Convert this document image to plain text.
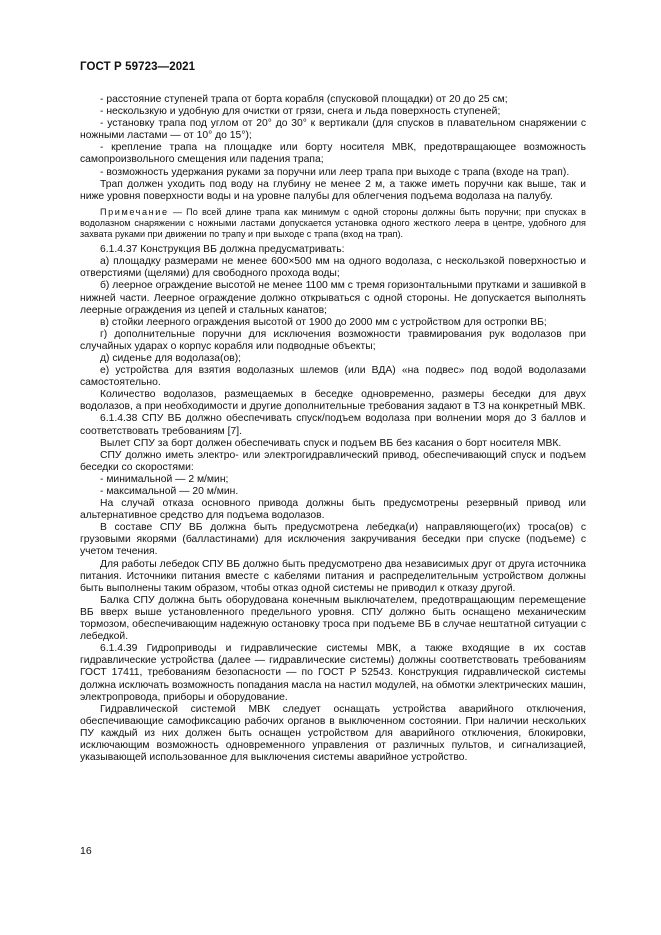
ГОСТ Р 59723—2021

- расстояние ступеней трапа от борта корабля (спусковой площадки) от 20 до 25 см;

- нескользкую и удобную для очистки от грязи, снега и льда поверхность ступеней;

- установку трапа под углом от 20° до 30° к вертикали (для спусков в плавательном снаряжении с ножными ластами — от 10° до 15°);

- крепление трапа на площадке или борту носителя МВК, предотвращающее возможность самопроизвольного смещения или падения трапа;

- возможность удержания руками за поручни или леер трапа при выходе с трапа (входе на трап).

Трап должен уходить под воду на глубину не менее 2 м, а также иметь поручни как выше, так и ниже уровня поверхности воды и на уровне палубы для облегчения подъема водолаза на палубу.

Примечание — По всей длине трапа как минимум с одной стороны должны быть поручни; при спусках в водолазном снаряжении с ножными ластами допускается установка одного жесткого леера в центре, удобного для захвата руками при движении по трапу и при выходе с трапа (вход на трап).

6.1.4.37 Конструкция ВБ должна предусматривать:

а) площадку размерами не менее 600×500 мм на одного водолаза, с нескользкой поверхностью и отверстиями (щелями) для свободного прохода воды;

б) леерное ограждение высотой не менее 1100 мм с тремя горизонтальными прутками и зашивкой в нижней части. Леерное ограждение должно открываться с одной стороны. Не допускается выполнять леерные ограждения из цепей и стальных канатов;

в) стойки леерного ограждения высотой от 1900 до 2000 мм с устройством для остропки ВБ;

г) дополнительные поручни для исключения возможности травмирования рук водолазов при случайных ударах о корпус корабля или подводные объекты;

д) сиденье для водолаза(ов);

е) устройства для взятия водолазных шлемов (или ВДА) «на подвес» под водой водолазами самостоятельно.

Количество водолазов, размещаемых в беседке одновременно, размеры беседки для двух водолазов, а при необходимости и другие дополнительные требования задают в ТЗ на конкретный МВК.

6.1.4.38 СПУ ВБ должно обеспечивать спуск/подъем водолаза при волнении моря до 3 баллов и соответствовать требованиям [7].

Вылет СПУ за борт должен обеспечивать спуск и подъем ВБ без касания о борт носителя МВК.

СПУ должно иметь электро- или электрогидравлический привод, обеспечивающий спуск и подъем беседки со скоростями:

- минимальной — 2 м/мин;

- максимальной — 20 м/мин.

На случай отказа основного привода должны быть предусмотрены резервный привод или альтернативное средство для подъема водолазов.

В составе СПУ ВБ должна быть предусмотрена лебедка(и) направляющего(их) троса(ов) с грузовыми якорями (балластинами) для исключения закручивания беседки при спуске (подъеме) с учетом течения.

Для работы лебедок СПУ ВБ должно быть предусмотрено два независимых друг от друга источника питания. Источники питания вместе с кабелями питания и распределительным устройством должны быть выполнены таким образом, чтобы отказ одной системы не приводил к отказу другой.

Балка СПУ должна быть оборудована конечным выключателем, предотвращающим перемещение ВБ вверх выше установленного предельного уровня. СПУ должно быть оснащено механическим тормозом, обеспечивающим надежную остановку троса при подъеме ВБ в случае нештатной ситуации с лебедкой.

6.1.4.39 Гидроприводы и гидравлические системы МВК, а также входящие в их состав гидравлические устройства (далее — гидравлические системы) должны соответствовать требованиям ГОСТ 17411, требованиям безопасности — по ГОСТ Р 52543. Конструкция гидравлической системы должна исключать возможность попадания масла на настил модулей, на обмотки электрических машин, электропровода, приборы и оборудование.

Гидравлической системой МВК следует оснащать устройства аварийного отключения, обеспечивающие самофиксацию рабочих органов в выключенном состоянии. При наличии нескольких ПУ каждый из них должен быть оснащен устройством для аварийного отключения, блокировки, исключающим возможность одновременного управления от различных пультов, и сигнализацией, указывающей использованное для выключения системы аварийное устройство.

16
